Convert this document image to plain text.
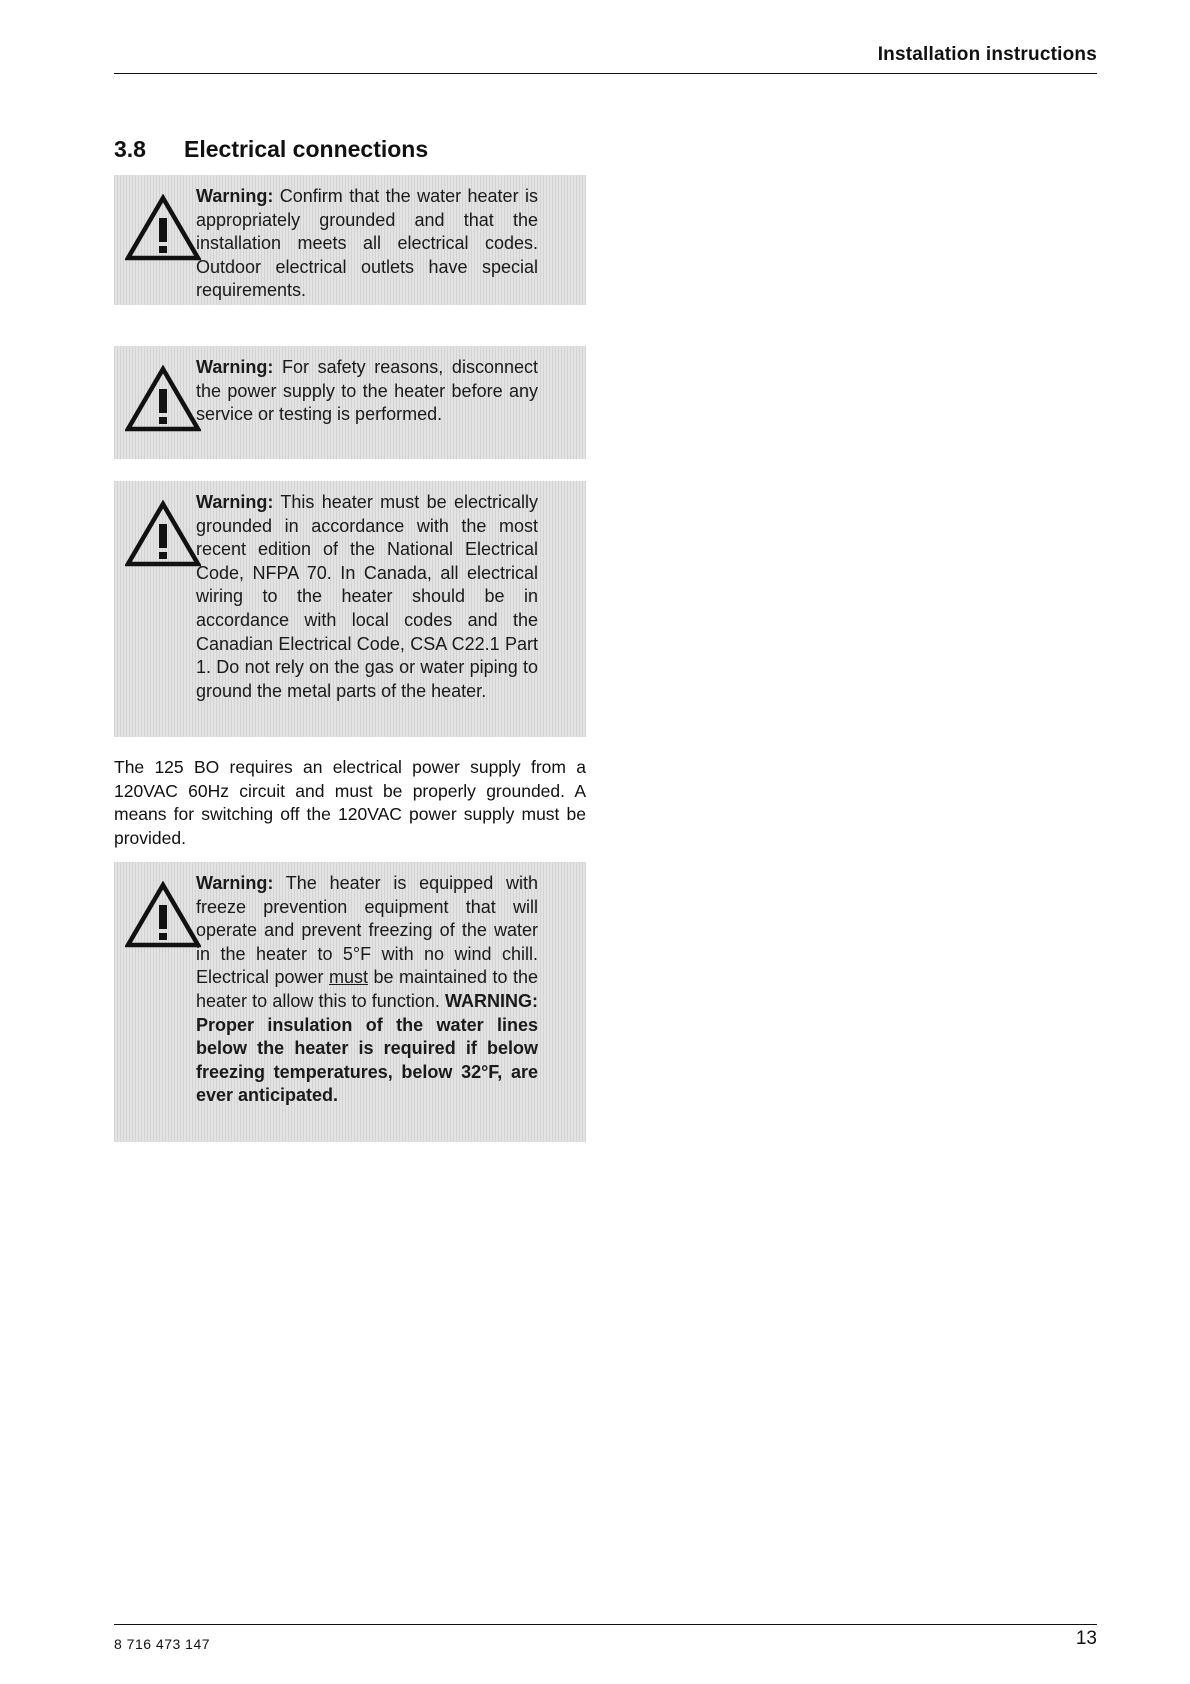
Installation instructions
3.8 Electrical connections
Warning: Confirm that the water heater is appropriately grounded and that the installation meets all electrical codes. Outdoor electrical outlets have special requirements.
Warning: For safety reasons, disconnect the power supply to the heater before any service or testing is performed.
Warning: This heater must be electrically grounded in accordance with the most recent edition of the National Electrical Code, NFPA 70. In Canada, all electrical wiring to the heater should be in accordance with local codes and the Canadian Electrical Code, CSA C22.1 Part 1. Do not rely on the gas or water piping to ground the metal parts of the heater.
The 125 BO requires an electrical power supply from a 120VAC 60Hz circuit and must be properly grounded. A means for switching off the 120VAC power supply must be provided.
Warning: The heater is equipped with freeze prevention equipment that will operate and prevent freezing of the water in the heater to 5°F with no wind chill. Electrical power must be maintained to the heater to allow this to function. WARNING: Proper insulation of the water lines below the heater is required if below freezing temperatures, below 32°F, are ever anticipated.
8 716 473 147	13
